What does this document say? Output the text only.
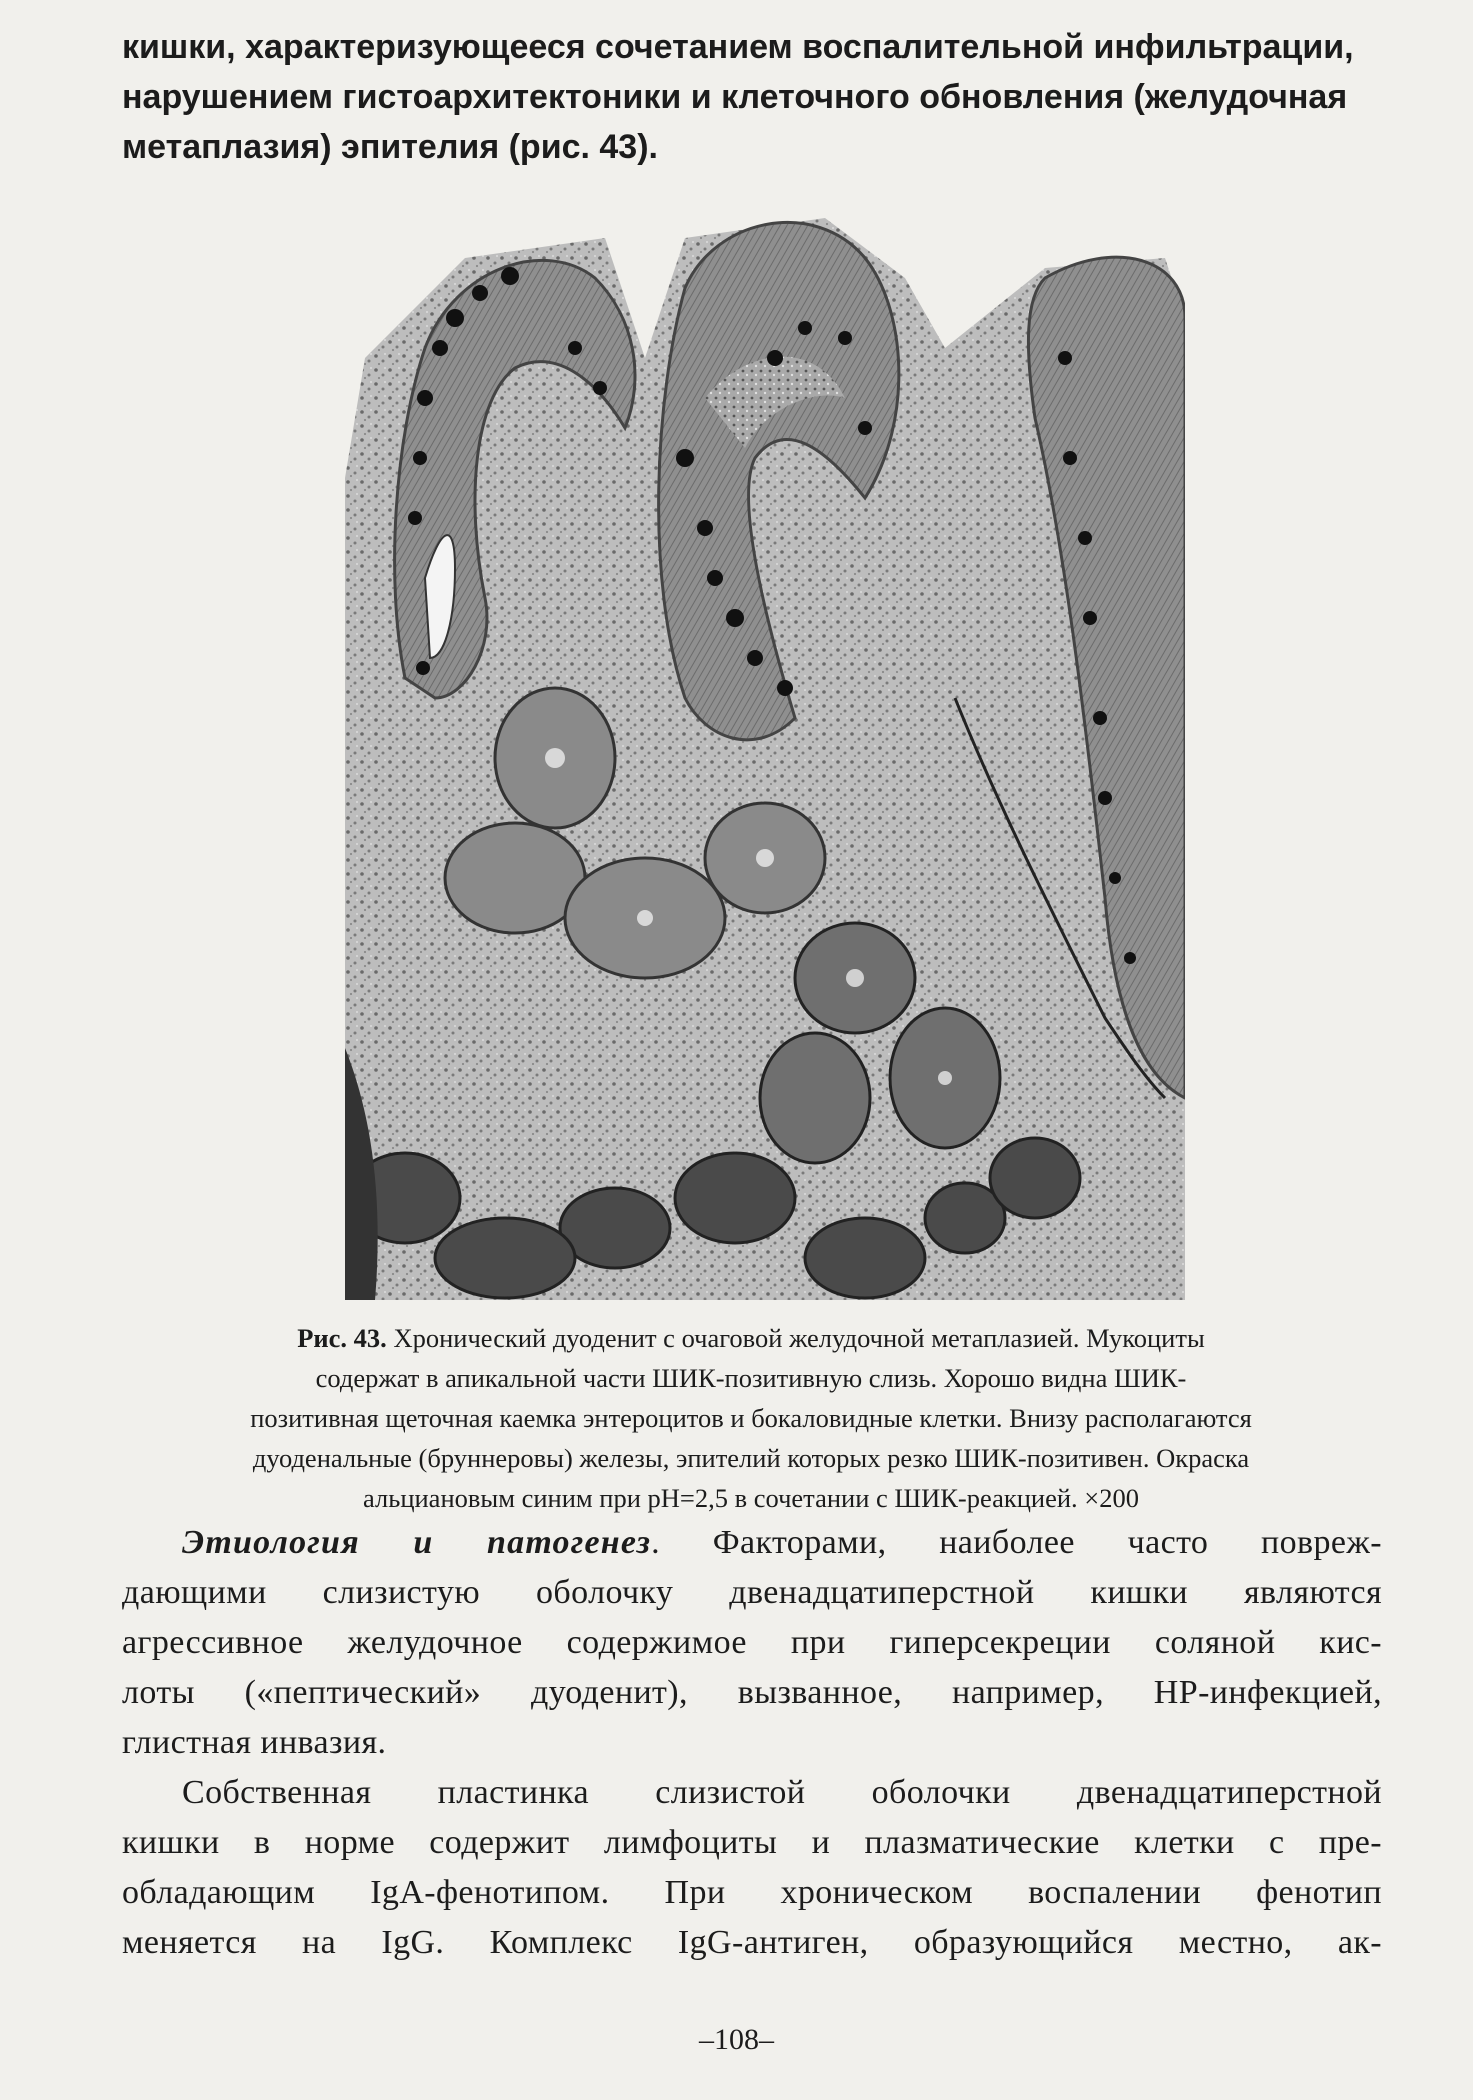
кишки, характеризующееся сочетанием воспалительной инфильтрации,
нарушением гистоархитектоники и клеточного обновления (желудочная
метаплазия) эпителия (рис. 43).
Рис. 43. Хронический дуоденит с очаговой желудочной метаплазией. Мукоциты
содержат в апикальной части ШИК-позитивную слизь. Хорошо видна ШИК-
позитивная щеточная каемка энтероцитов и бокаловидные клетки. Внизу располагаются
дуоденальные (бруннеровы) железы, эпителий которых резко ШИК-позитивен. Окраска
альциановым синим при pH=2,5 в сочетании с ШИК-реакцией. ×200
Этиология и патогенез. Факторами, наиболее часто повреж-
дающими слизистую оболочку двенадцатиперстной кишки являются
агрессивное желудочное содержимое при гиперсекреции соляной кис-
лоты («пептический» дуоденит), вызванное, например, HP-инфекцией,
глистная инвазия.
Собственная пластинка слизистой оболочки двенадцатиперстной
кишки в норме содержит лимфоциты и плазматические клетки с пре-
обладающим IgA-фенотипом. При хроническом воспалении фенотип
меняется на IgG. Комплекс IgG-антиген, образующийся местно, ак-
–108–
